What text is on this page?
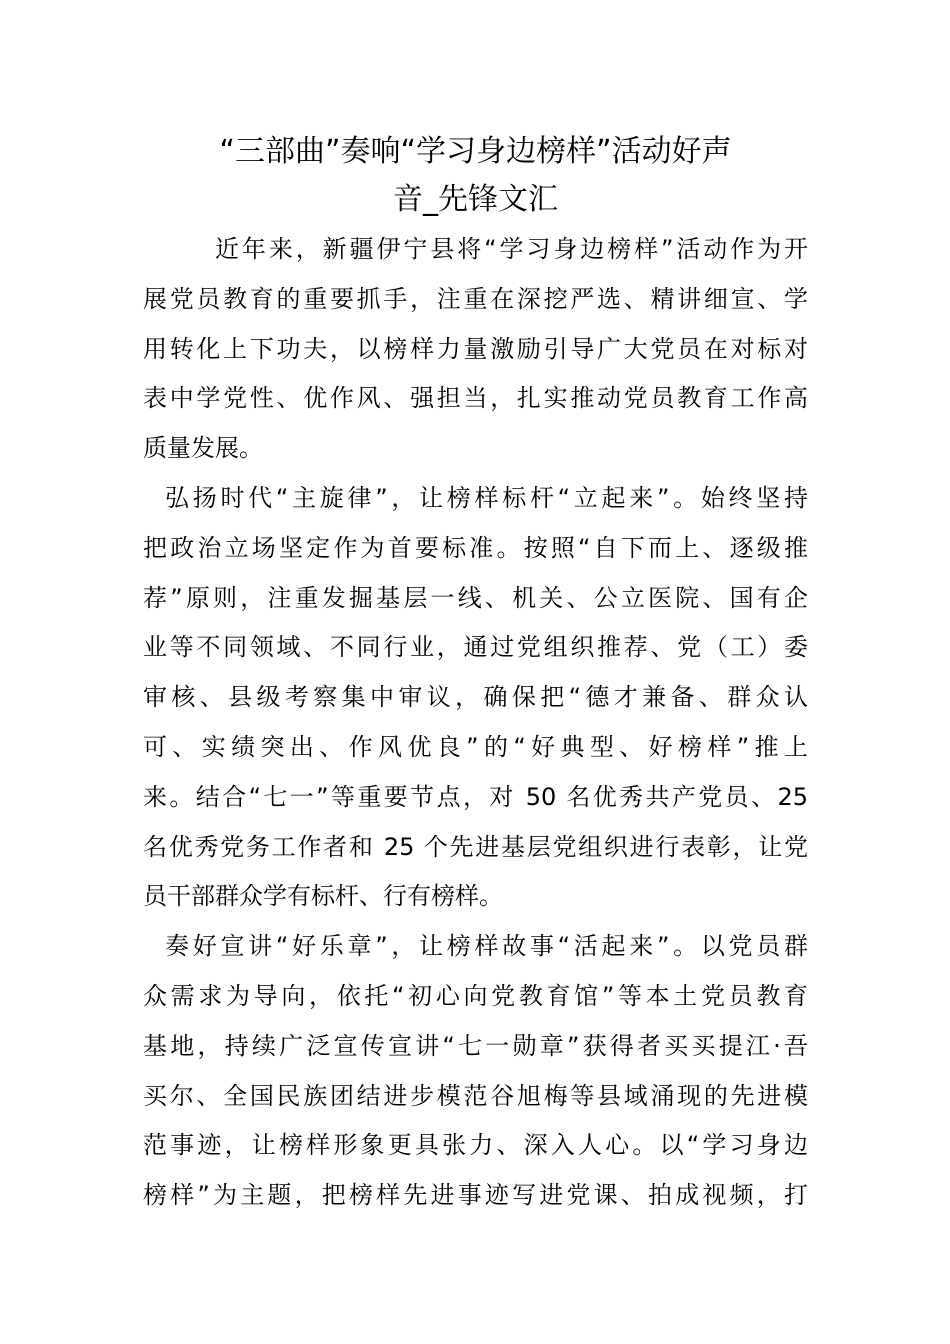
“三部曲”奏响“学习身边榜样”活动好声
音_先锋文汇
近年来，新疆伊宁县将“学习身边榜样”活动作为开
展党员教育的重要抓手，注重在深挖严选、精讲细宣、学
用转化上下功夫，以榜样力量激励引导广大党员在对标对
表中学党性、优作风、强担当，扎实推动党员教育工作高
质量发展。
弘扬时代“主旋律”，让榜样标杆“立起来”。始终坚持
把政治立场坚定作为首要标准。按照“自下而上、逐级推
荐”原则，注重发掘基层一线、机关、公立医院、国有企
业等不同领域、不同行业，通过党组织推荐、党（工）委
审核、县级考察集中审议，确保把“德才兼备、群众认
可、实绩突出、作风优良”的“好典型、好榜样”推上
来。结合“七一”等重要节点，对 50 名优秀共产党员、25
名优秀党务工作者和 25 个先进基层党组织进行表彰，让党
员干部群众学有标杆、行有榜样。
奏好宣讲“好乐章”，让榜样故事“活起来”。以党员群
众需求为导向，依托“初心向党教育馆”等本土党员教育
基地，持续广泛宣传宣讲“七一勋章”获得者买买提江·吾
买尔、全国民族团结进步模范谷旭梅等县域涌现的先进模
范事迹，让榜样形象更具张力、深入人心。以“学习身边
榜样”为主题，把榜样先进事迹写进党课、拍成视频，打
